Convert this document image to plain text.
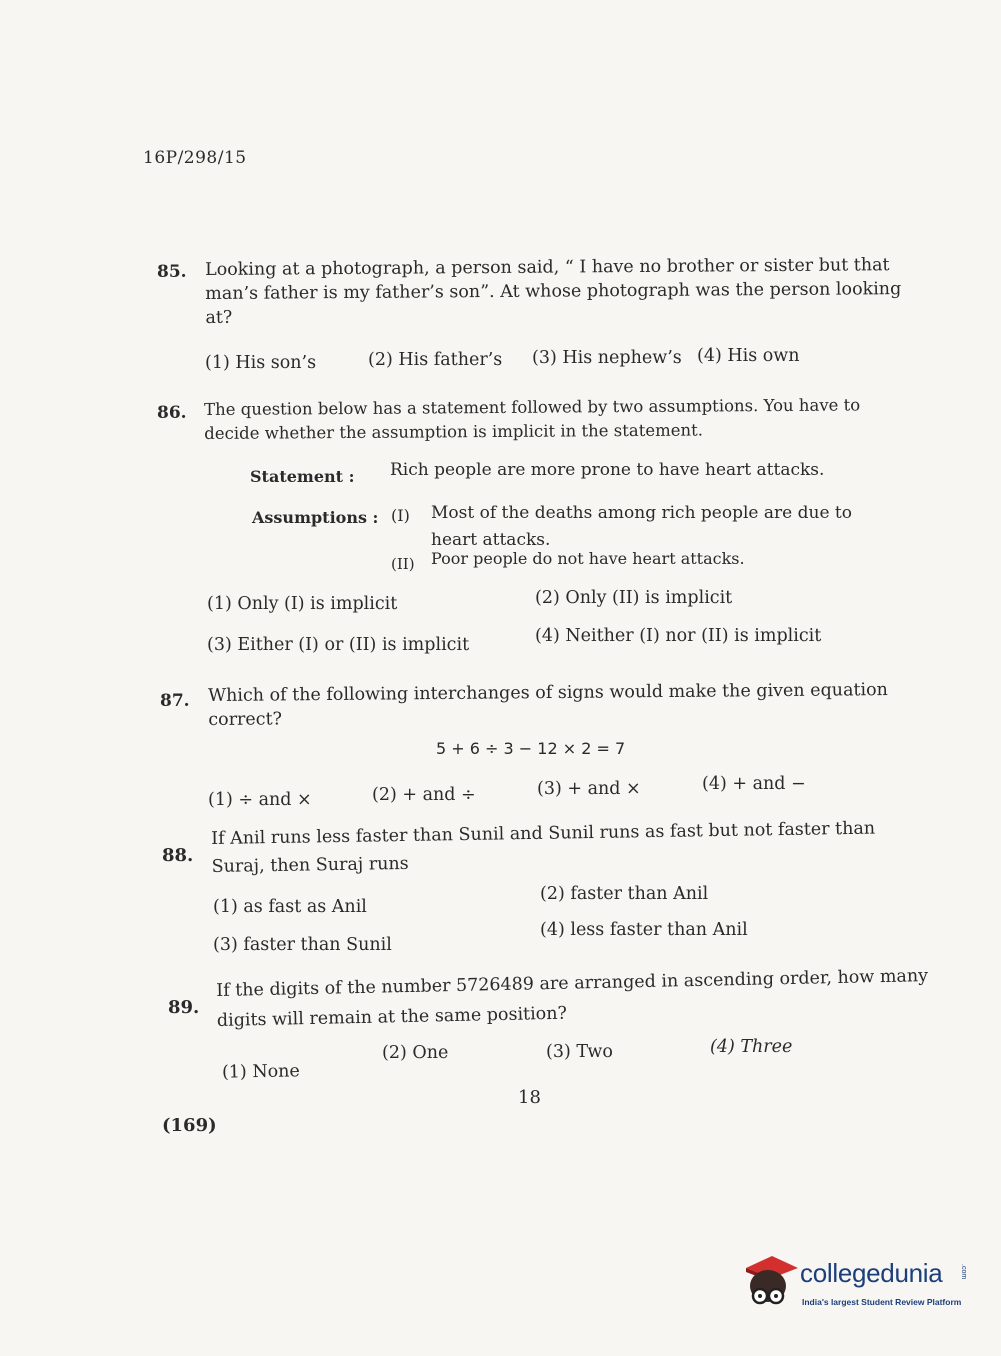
16P/298/15
85. Looking at a photograph, a person said, “ I have no brother or sister but that
man’s father is my father’s son”. At whose photograph was the person looking
at?
(1) His son’s	(2) His father’s (3) His nephew’s (4) His own
86. The question below has a statement followed by two assumptions. You have to
decide whether the assumption is implicit in the statement.
Statement : Rich people are more prone to have heart attacks.
Assumptions : (I) Most of the deaths among rich people are due to
heart attacks.
(II) Poor people do not have heart attacks.
(1) Only (I) is implicit	(2) Only (II) is implicit
(3) Either (I) or (II) is implicit	(4) Neither (I) nor (II) is implicit
87. Which of the following interchanges of signs would make the given equation
correct?
5 + 6 ÷ 3 − 12 × 2 = 7
(1) ÷ and ×	(2) + and ÷	(3) + and ×	(4) + and −
88.
If Anil runs less faster than Sunil and Sunil runs as fast but not faster than
Suraj, then Suraj runs
(1) as fast as Anil
(2) faster than Anil
(3) faster than Sunil
(4) less faster than Anil
89.
If the digits of the number 5726489 are arranged in ascending order, how many
digits will remain at the same position?
(1) None
(2) One	(3) Two	(4) Three
18
(169)
collegedunia	.com
India's largest Student Review Platform
